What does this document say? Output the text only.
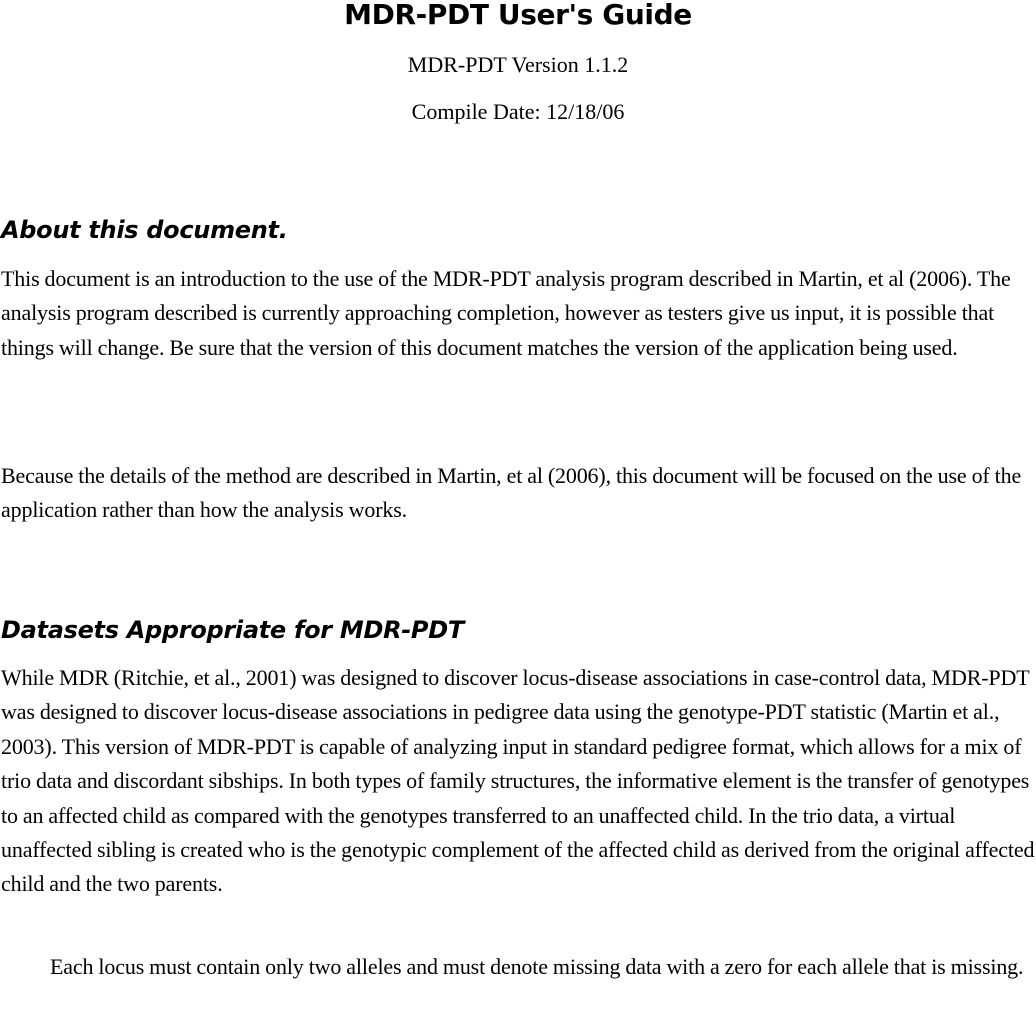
MDR-PDT User's Guide

MDR-PDT Version 1.1.2

Compile Date: 12/18/06

About this document.

This document is an introduction to the use of the MDR-PDT analysis program described in Martin, et al (2006). The analysis program described is currently approaching completion, however as testers give us input, it is possible that things will change. Be sure that the version of this document matches the version of the application being used.

Because the details of the method are described in Martin, et al (2006), this document will be focused on the use of the application rather than how the analysis works.

Datasets Appropriate for MDR-PDT

While MDR (Ritchie, et al., 2001) was designed to discover locus-disease associations in case-control data, MDR-PDT was designed to discover locus-disease associations in pedigree data using the genotype-PDT statistic (Martin et al., 2003). This version of MDR-PDT is capable of analyzing input in standard pedigree format, which allows for a mix of trio data and discordant sibships. In both types of family structures, the informative element is the transfer of genotypes to an affected child as compared with the genotypes transferred to an unaffected child. In the trio data, a virtual unaffected sibling is created who is the genotypic complement of the affected child as derived from the original affected child and the two parents.

Each locus must contain only two alleles and must denote missing data with a zero for each allele that is missing.
